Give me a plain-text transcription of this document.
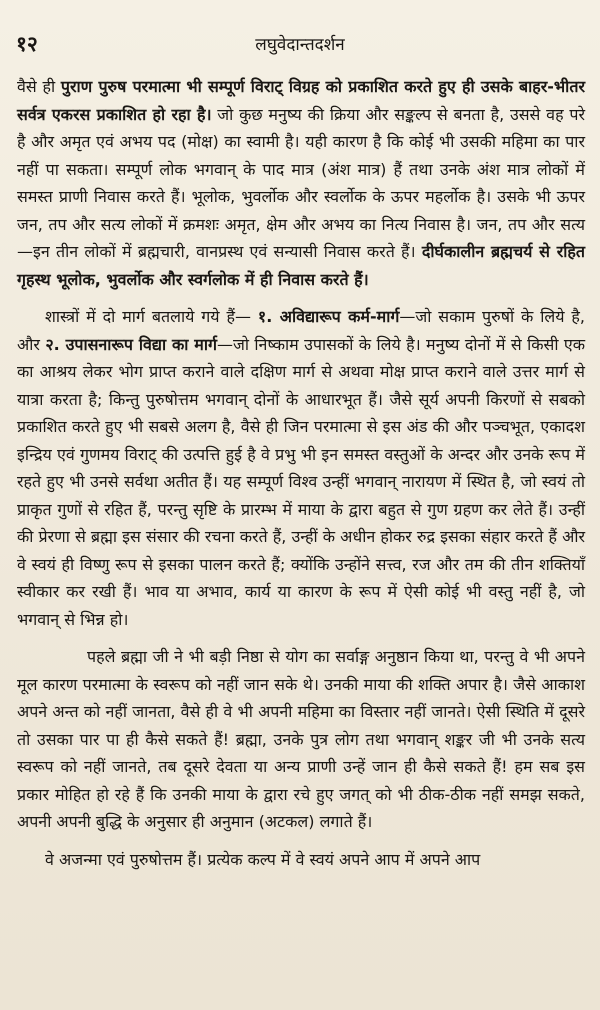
१२	लघुवेदान्तदर्शन

वैसे ही पुराण पुरुष परमात्मा भी सम्पूर्ण विराट् विग्रह को प्रकाशित करते हुए ही उसके बाहर-भीतर सर्वत्र एकरस प्रकाशित हो रहा है। जो कुछ मनुष्य की क्रिया और सङ्कल्प से बनता है, उससे वह परे है और अमृत एवं अभय पद (मोक्ष) का स्वामी है। यही कारण है कि कोई भी उसकी महिमा का पार नहीं पा सकता। सम्पूर्ण लोक भगवान् के पाद मात्र (अंश मात्र) हैं तथा उनके अंश मात्र लोकों में समस्त प्राणी निवास करते हैं। भूलोक, भुवर्लोक और स्वर्लोक के ऊपर महर्लोक है। उसके भी ऊपर जन, तप और सत्य लोकों में क्रमशः अमृत, क्षेम और अभय का नित्य निवास है। जन, तप और सत्य—इन तीन लोकों में ब्रह्मचारी, वानप्रस्थ एवं सन्यासी निवास करते हैं। दीर्घकालीन ब्रह्मचर्य से रहित गृहस्थ भूलोक, भुवर्लोक और स्वर्गलोक में ही निवास करते हैं।

शास्त्रों में दो मार्ग बतलाये गये हैं— १. अविद्यारूप कर्म-मार्ग—जो सकाम पुरुषों के लिये है, और २. उपासनारूप विद्या का मार्ग—जो निष्काम उपासकों के लिये है। मनुष्य दोनों में से किसी एक का आश्रय लेकर भोग प्राप्त कराने वाले दक्षिण मार्ग से अथवा मोक्ष प्राप्त कराने वाले उत्तर मार्ग से यात्रा करता है; किन्तु पुरुषोत्तम भगवान् दोनों के आधारभूत हैं। जैसे सूर्य अपनी किरणों से सबको प्रकाशित करते हुए भी सबसे अलग है, वैसे ही जिन परमात्मा से इस अंड की और पञ्चभूत, एकादश इन्द्रिय एवं गुणमय विराट् की उत्पत्ति हुई है वे प्रभु भी इन समस्त वस्तुओं के अन्दर और उनके रूप में रहते हुए भी उनसे सर्वथा अतीत हैं। यह सम्पूर्ण विश्व उन्हीं भगवान् नारायण में स्थित है, जो स्वयं तो प्राकृत गुणों से रहित हैं, परन्तु सृष्टि के प्रारम्भ में माया के द्वारा बहुत से गुण ग्रहण कर लेते हैं। उन्हीं की प्रेरणा से ब्रह्मा इस संसार की रचना करते हैं, उन्हीं के अधीन होकर रुद्र इसका संहार करते हैं और वे स्वयं ही विष्णु रूप से इसका पालन करते हैं; क्योंकि उन्होंने सत्त्व, रज और तम की तीन शक्तियाँ स्वीकार कर रखी हैं। भाव या अभाव, कार्य या कारण के रूप में ऐसी कोई भी वस्तु नहीं है, जो भगवान् से भिन्न हो।

पहले ब्रह्मा जी ने भी बड़ी निष्ठा से योग का सर्वाङ्ग अनुष्ठान किया था, परन्तु वे भी अपने मूल कारण परमात्मा के स्वरूप को नहीं जान सके थे। उनकी माया की शक्ति अपार है। जैसे आकाश अपने अन्त को नहीं जानता, वैसे ही वे भी अपनी महिमा का विस्तार नहीं जानते। ऐसी स्थिति में दूसरे तो उसका पार पा ही कैसे सकते हैं! ब्रह्मा, उनके पुत्र लोग तथा भगवान् शङ्कर जी भी उनके सत्य स्वरूप को नहीं जानते, तब दूसरे देवता या अन्य प्राणी उन्हें जान ही कैसे सकते हैं! हम सब इस प्रकार मोहित हो रहे हैं कि उनकी माया के द्वारा रचे हुए जगत् को भी ठीक-ठीक नहीं समझ सकते, अपनी अपनी बुद्धि के अनुसार ही अनुमान (अटकल) लगाते हैं।

वे अजन्मा एवं पुरुषोत्तम हैं। प्रत्येक कल्प में वे स्वयं अपने आप में अपने आप
